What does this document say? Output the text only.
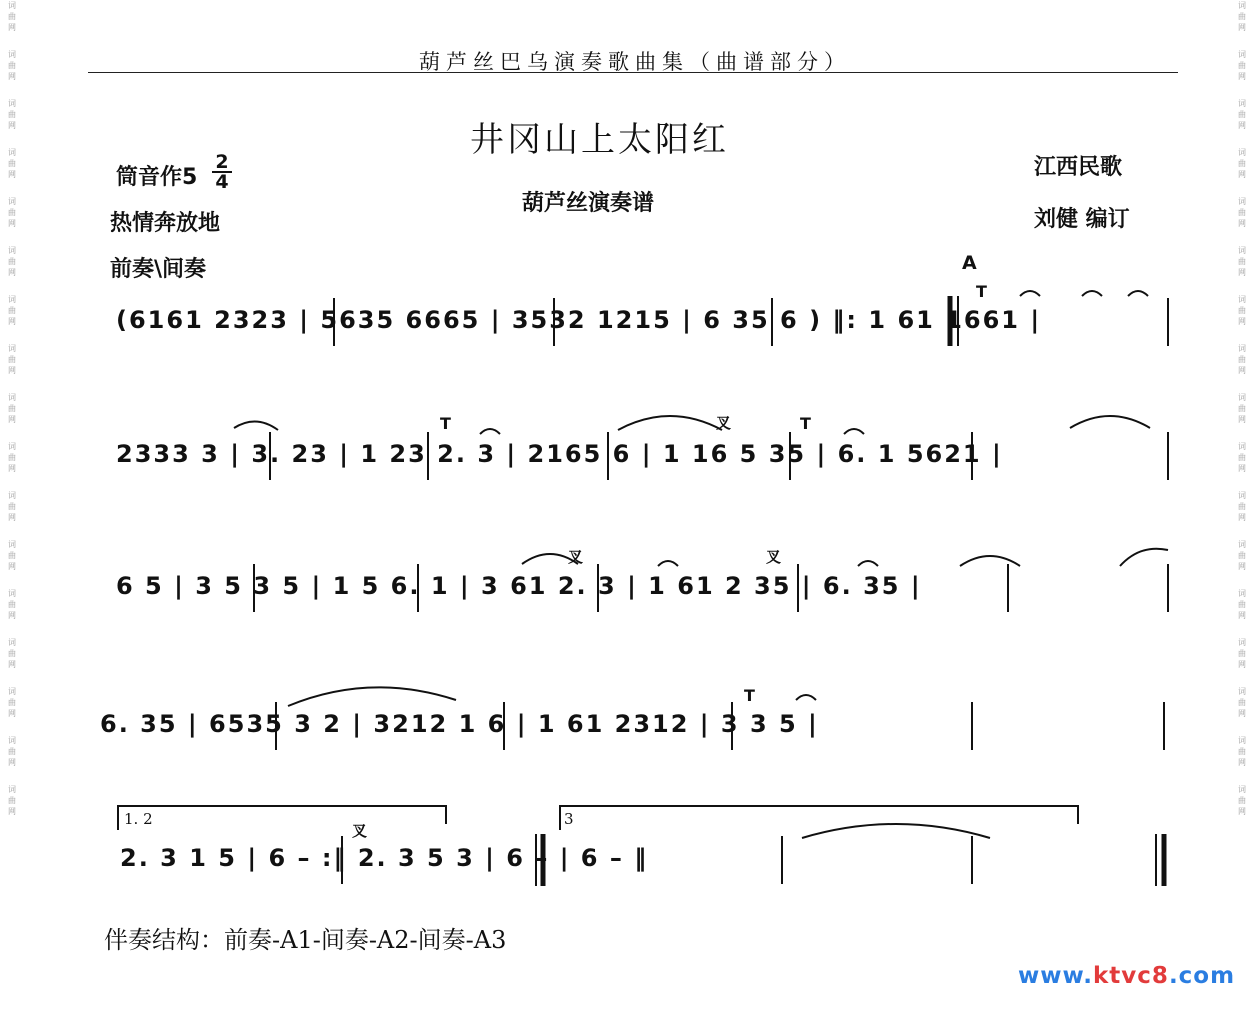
词
曲
网
词
曲
网
词
曲
网
词
曲
网
词
曲
网
词
曲
网
词
曲
网
词
曲
网
词
曲
网
词
曲
网
词
曲
网
词
曲
网
词
曲
网
词
曲
网
词
曲
网
词
曲
网
词
曲
网
词
曲
网
词
曲
网
词
曲
网
词
曲
网
词
曲
网
词
曲
网
词
曲
网
词
曲
网
词
曲
网
词
曲
网
词
曲
网
词
曲
网
词
曲
网
词
曲
网
词
曲
网
词
曲
网
词
曲
网
葫芦丝巴乌演奏歌曲集（曲谱部分）
井冈山上太阳红
筒音作5
2
4
热情奔放地
前奏\间奏
葫芦丝演奏谱
江西民歌
刘健 编订
A
(6161 2323 | 5635 6665 | 3532 1215 | 6 35 6 ) ‖: 1 61 1661 |
2333 3 | 3. 23 | 1 23 2. 3 | 2165 6 | 1 16 5 35 | 6. 1 5621 |
6 5 | 3 5 3 5 | 1 5 6. 1 | 3 61 2. 3 | 1 61 2 35 | 6. 35 |
6. 35 | 6535 3 2 | 3212 1 6 | 1 61 2312 | 3 3 5 |
2. 3 1 5 | 6 – :‖ 2. 3 5 3 | 6 – | 6 – ‖
T
T	T
T
叉
叉	叉
叉
1. 2	3
伴奏结构：前奏-A1-间奏-A2-间奏-A3
www.ktvc8.com
